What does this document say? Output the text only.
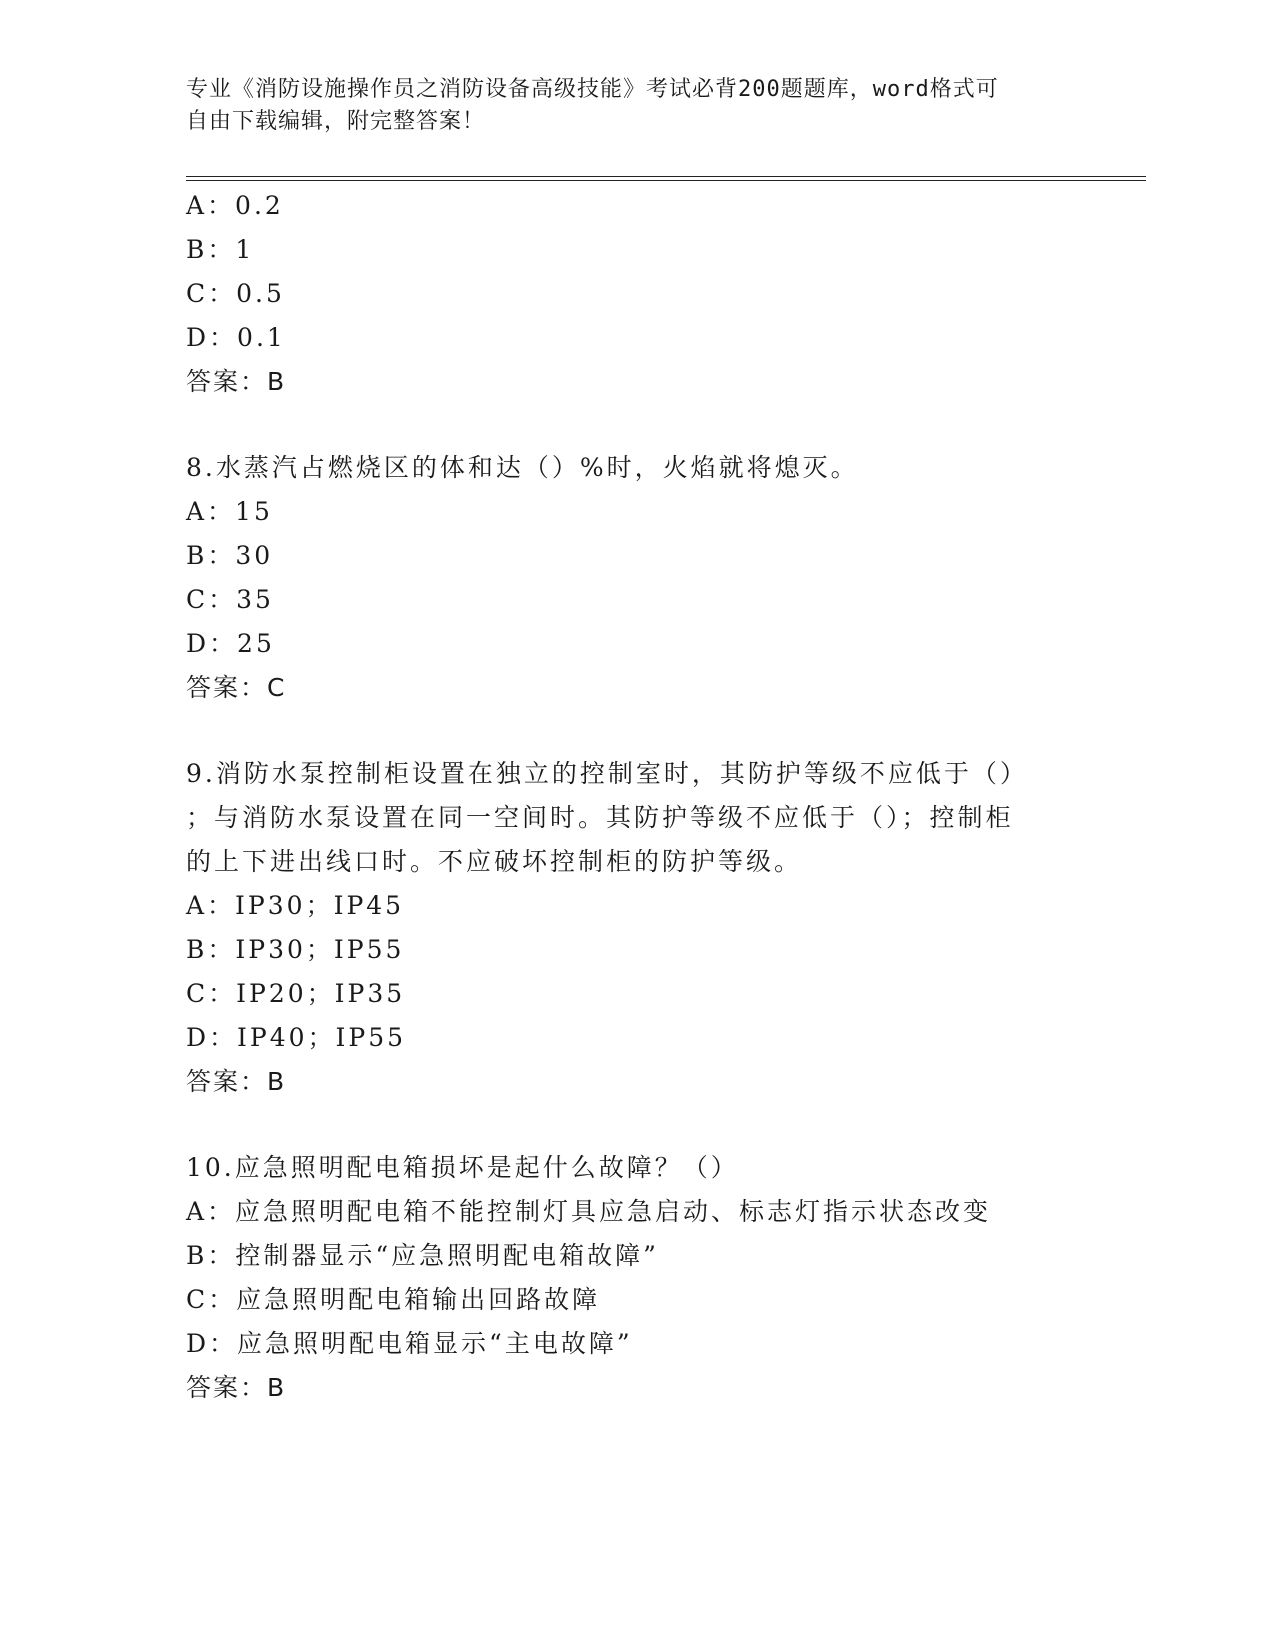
专业《消防设施操作员之消防设备高级技能》考试必背200题题库，word格式可
自由下载编辑，附完整答案！
A：0.2
B：1
C：0.5
D：0.1
答案：B
8.水蒸汽占燃烧区的体和达（）%时，火焰就将熄灭。
A：15
B：30
C：35
D：25
答案：C
9.消防水泵控制柜设置在独立的控制室时，其防护等级不应低于（）
；与消防水泵设置在同一空间时。其防护等级不应低于（）；控制柜
的上下进出线口时。不应破坏控制柜的防护等级。
A：IP30；IP45
B：IP30；IP55
C：IP20；IP35
D：IP40；IP55
答案：B
10.应急照明配电箱损坏是起什么故障？（）
A：应急照明配电箱不能控制灯具应急启动、标志灯指示状态改变
B：控制器显示“应急照明配电箱故障”
C：应急照明配电箱输出回路故障
D：应急照明配电箱显示“主电故障”
答案：B
